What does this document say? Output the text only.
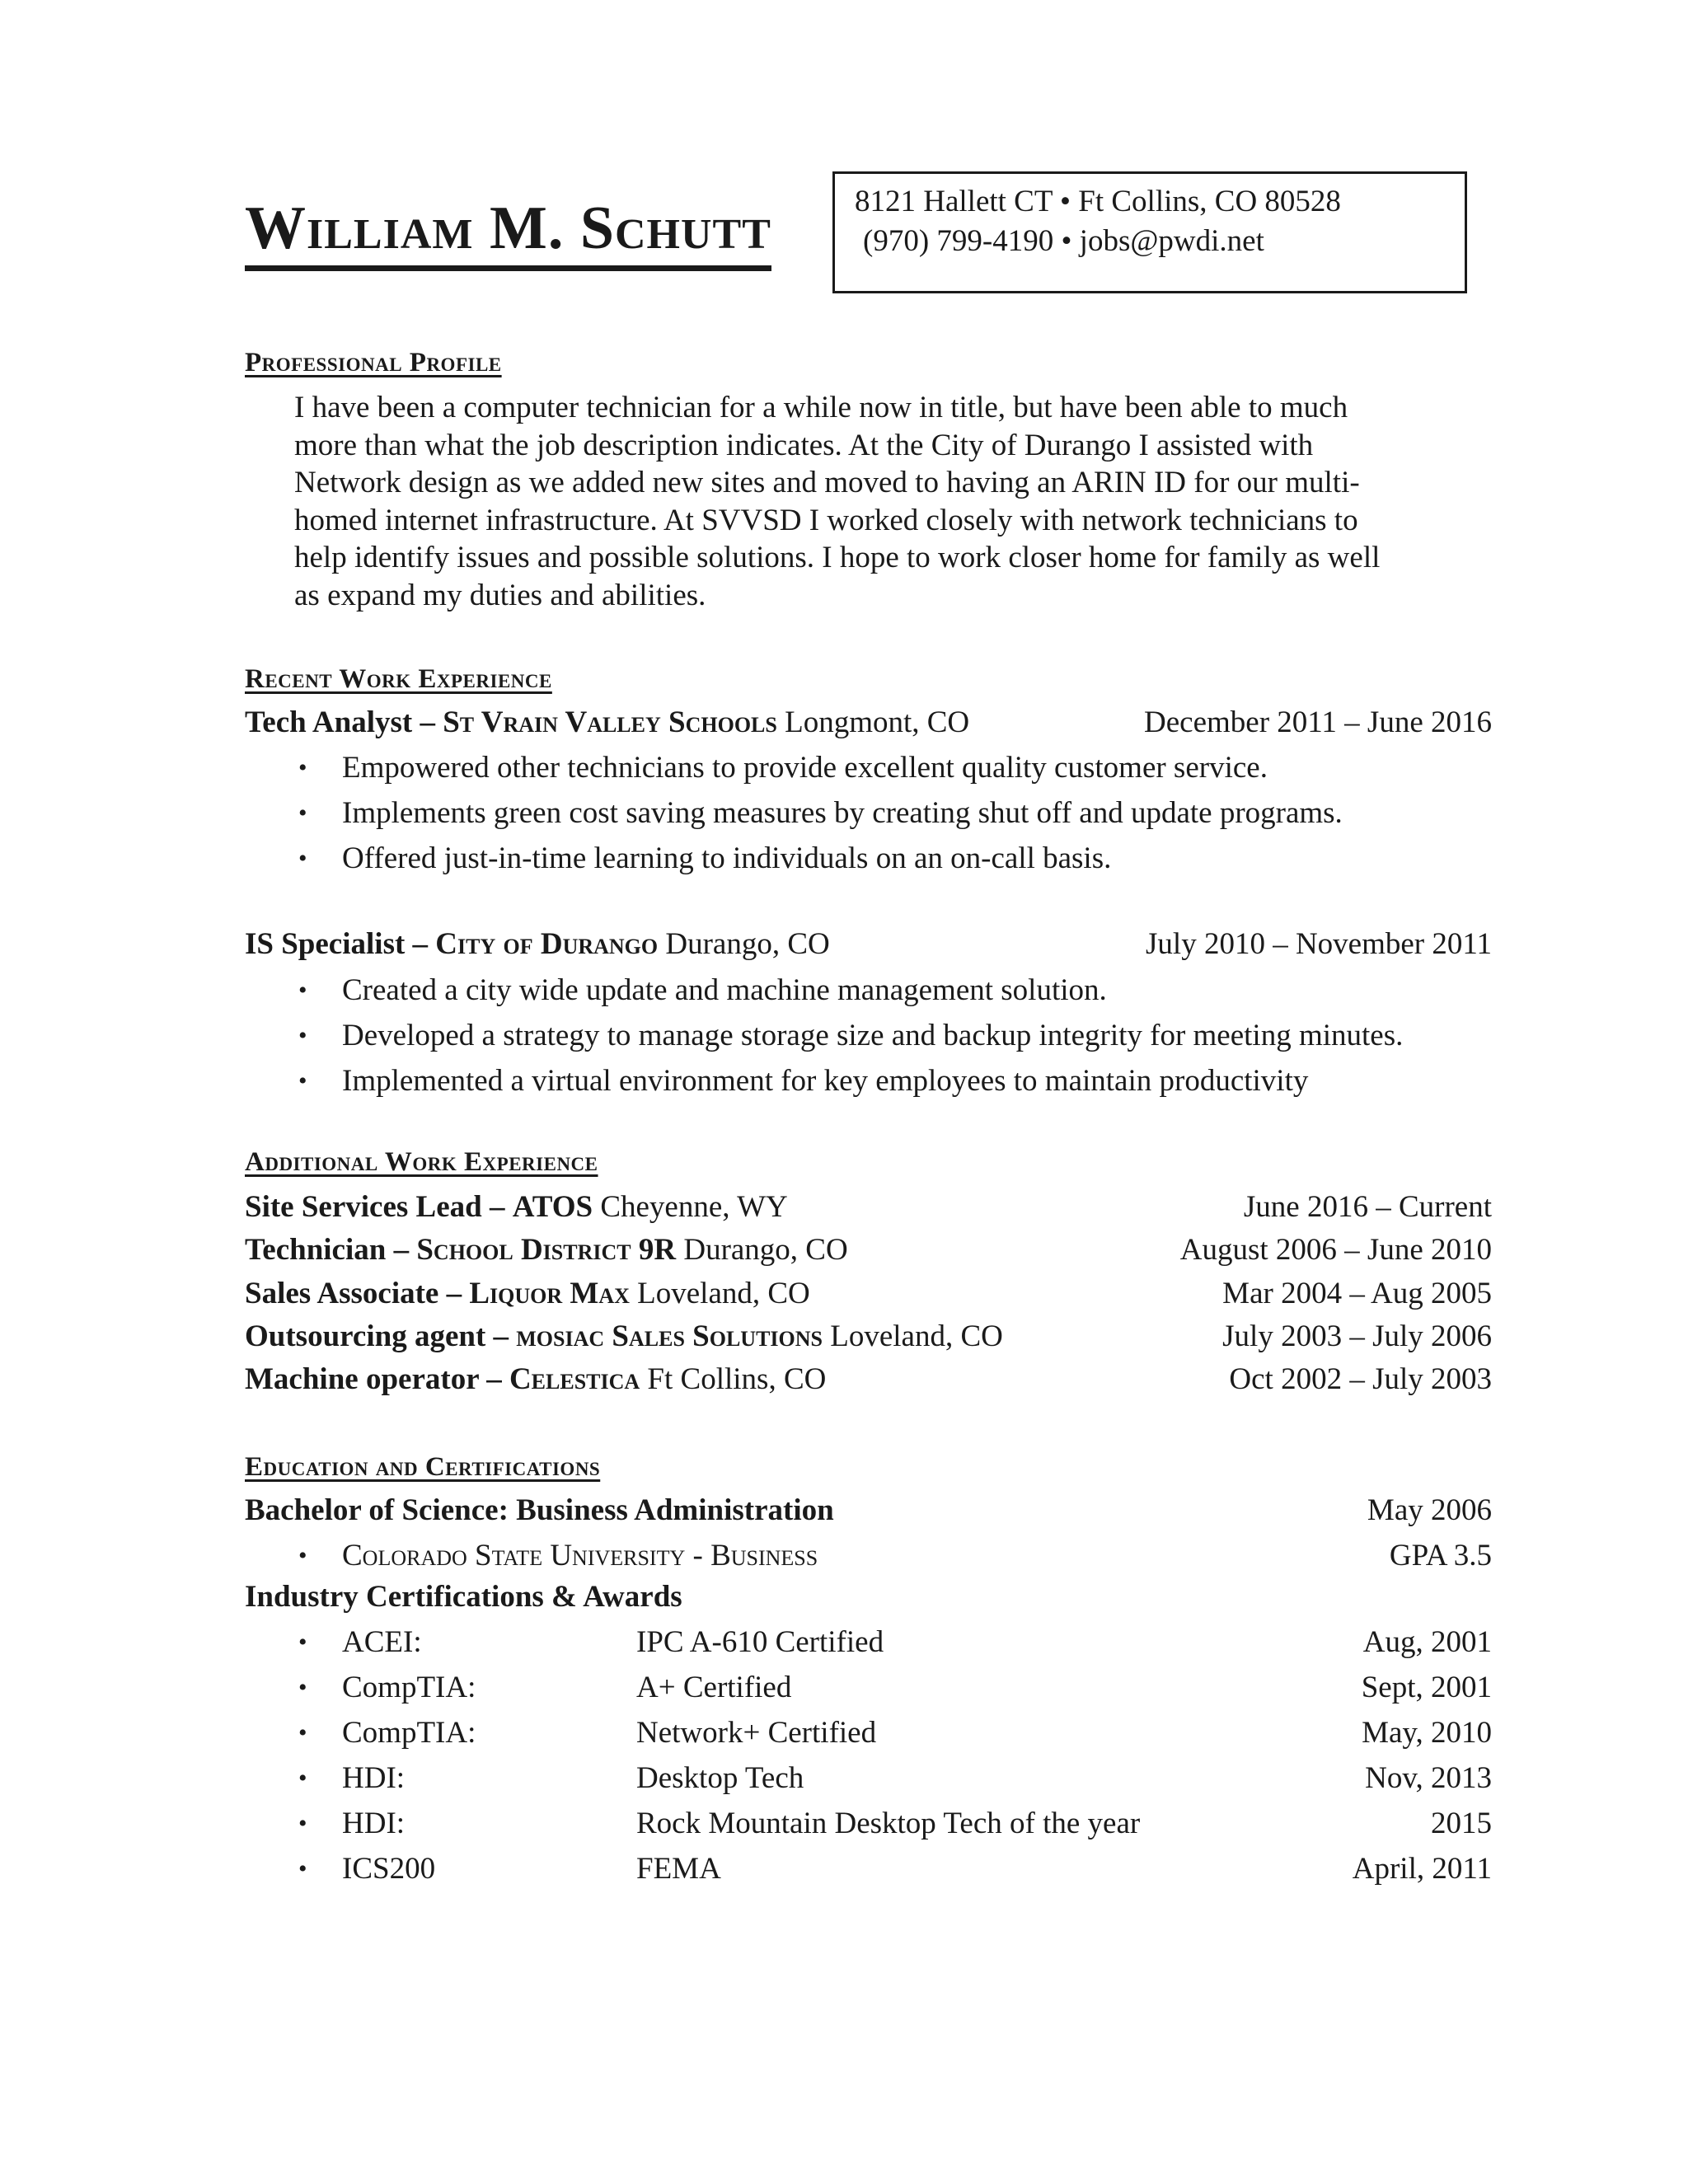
William M. Schutt	8121 Hallett CT • Ft Collins, CO 80528
(970) 799-4190 • jobs@pwdi.net
Professional Profile
I have been a computer technician for a while now in title, but have been able to much
more than what the job description indicates. At the City of Durango I assisted with
Network design as we added new sites and moved to having an ARIN ID for our multi-
homed internet infrastructure. At SVVSD I worked closely with network technicians to
help identify issues and possible solutions. I hope to work closer home for family as well
as expand my duties and abilities.
Recent Work Experience
Tech Analyst – St Vrain Valley Schools Longmont, CO	December 2011 – June 2016
• Empowered other technicians to provide excellent quality customer service.
• Implements green cost saving measures by creating shut off and update programs.
• Offered just-in-time learning to individuals on an on-call basis.
IS Specialist – City of Durango Durango, CO	July 2010 – November 2011
• Created a city wide update and machine management solution.
• Developed a strategy to manage storage size and backup integrity for meeting minutes.
• Implemented a virtual environment for key employees to maintain productivity
Additional Work Experience
Site Services Lead – ATOS Cheyenne, WY	June 2016 – Current
Technician – School District 9R Durango, CO	August 2006 – June 2010
Sales Associate – Liquor Max Loveland, CO	Mar 2004 – Aug 2005
Outsourcing agent – mosiac Sales Solutions Loveland, CO	July 2003 – July 2006
Machine operator – Celestica Ft Collins, CO	Oct 2002 – July 2003
Education and Certifications
Bachelor of Science: Business Administration	May 2006
• Colorado State University - Business	GPA 3.5
Industry Certifications & Awards
• ACEI:	IPC A-610 Certified	Aug, 2001
• CompTIA:	A+ Certified	Sept, 2001
• CompTIA:	Network+ Certified	May, 2010
• HDI:	Desktop Tech	Nov, 2013
• HDI:	Rock Mountain Desktop Tech of the year	2015
• ICS200	FEMA	April, 2011
